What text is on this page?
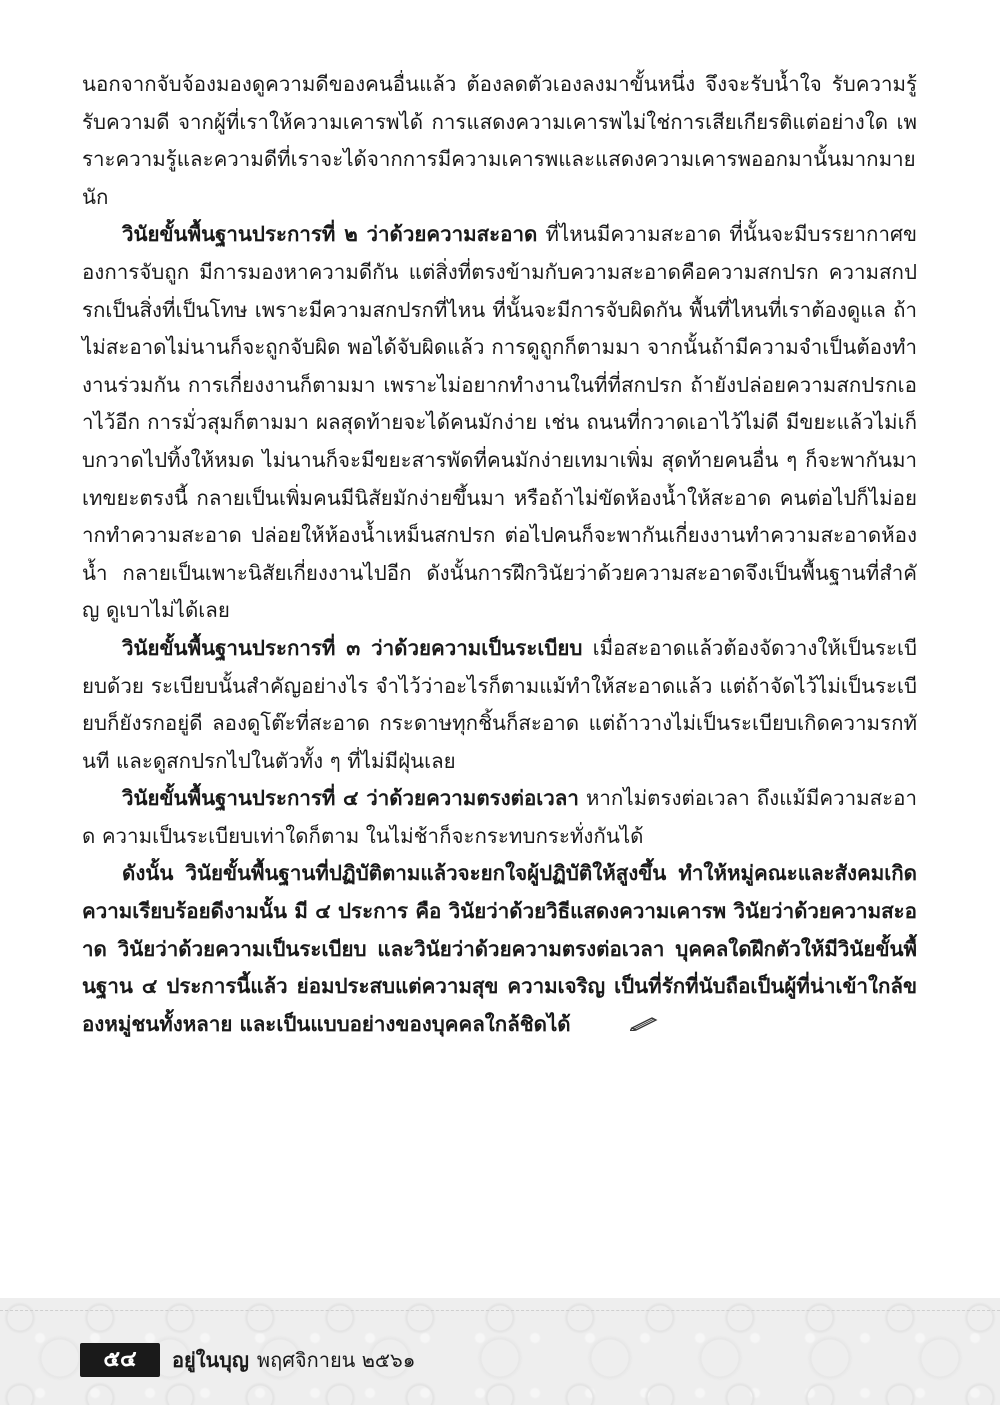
นอกจากจับจ้องมองดูความดีของคนอื่นแล้ว ต้องลดตัวเองลงมาขั้นหนึ่ง จึงจะรับน้ำใจ รับความรู้ รับความดี จากผู้ที่เราให้ความเคารพได้ การแสดงความเคารพไม่ใช่การเสียเกียรติแต่อย่างใด เพราะความรู้และความดีที่เราจะได้จากการมีความเคารพและแสดงความเคารพออกมานั้นมากมายนัก

วินัยขั้นพื้นฐานประการที่ ๒ ว่าด้วยความสะอาด ที่ไหนมีความสะอาด ที่นั้นจะมีบรรยากาศของการจับถูก มีการมองหาความดีกัน แต่สิ่งที่ตรงข้ามกับความสะอาดคือความสกปรก ความสกปรกเป็นสิ่งที่เป็นโทษ เพราะมีความสกปรกที่ไหน ที่นั้นจะมีการจับผิดกัน พื้นที่ไหนที่เราต้องดูแล ถ้าไม่สะอาดไม่นานก็จะถูกจับผิด พอได้จับผิดแล้ว การดูถูกก็ตามมา จากนั้นถ้ามีความจำเป็นต้องทำงานร่วมกัน การเกี่ยงงานก็ตามมา เพราะไม่อยากทำงานในที่ที่สกปรก ถ้ายังปล่อยความสกปรกเอาไว้อีก การมั่วสุมก็ตามมา ผลสุดท้ายจะได้คนมักง่าย เช่น ถนนที่กวาดเอาไว้ไม่ดี มีขยะแล้วไม่เก็บกวาดไปทิ้งให้หมด ไม่นานก็จะมีขยะสารพัดที่คนมักง่ายเทมาเพิ่ม สุดท้ายคนอื่น ๆ ก็จะพากันมาเทขยะตรงนี้ กลายเป็นเพิ่มคนมีนิสัยมักง่ายขึ้นมา หรือถ้าไม่ขัดห้องน้ำให้สะอาด คนต่อไปก็ไม่อยากทำความสะอาด ปล่อยให้ห้องน้ำเหม็นสกปรก ต่อไปคนก็จะพากันเกี่ยงงานทำความสะอาดห้องน้ำ กลายเป็นเพาะนิสัยเกี่ยงงานไปอีก ดังนั้นการฝึกวินัยว่าด้วยความสะอาดจึงเป็นพื้นฐานที่สำคัญ ดูเบาไม่ได้เลย

วินัยขั้นพื้นฐานประการที่ ๓ ว่าด้วยความเป็นระเบียบ เมื่อสะอาดแล้วต้องจัดวางให้เป็นระเบียบด้วย ระเบียบนั้นสำคัญอย่างไร จำไว้ว่าอะไรก็ตามแม้ทำให้สะอาดแล้ว แต่ถ้าจัดไว้ไม่เป็นระเบียบก็ยังรกอยู่ดี ลองดูโต๊ะที่สะอาด กระดาษทุกชิ้นก็สะอาด แต่ถ้าวางไม่เป็นระเบียบเกิดความรกทันที และดูสกปรกไปในตัวทั้ง ๆ ที่ไม่มีฝุ่นเลย

วินัยขั้นพื้นฐานประการที่ ๔ ว่าด้วยความตรงต่อเวลา หากไม่ตรงต่อเวลา ถึงแม้มีความสะอาด ความเป็นระเบียบเท่าใดก็ตาม ในไม่ช้าก็จะกระทบกระทั่งกันได้

ดังนั้น วินัยขั้นพื้นฐานที่ปฏิบัติตามแล้วจะยกใจผู้ปฏิบัติให้สูงขึ้น ทำให้หมู่คณะและสังคมเกิดความเรียบร้อยดีงามนั้น มี ๔ ประการ คือ วินัยว่าด้วยวิธีแสดงความเคารพ วินัยว่าด้วยความสะอาด วินัยว่าด้วยความเป็นระเบียบ และวินัยว่าด้วยความตรงต่อเวลา บุคคลใดฝึกตัวให้มีวินัยขั้นพื้นฐาน ๔ ประการนี้แล้ว ย่อมประสบแต่ความสุข ความเจริญ เป็นที่รักที่นับถือเป็นผู้ที่น่าเข้าใกล้ของหมู่ชนทั้งหลาย และเป็นแบบอย่างของบุคคลใกล้ชิดได้

๕๔	อยู่ในบุญ พฤศจิกายน ๒๕๖๑
